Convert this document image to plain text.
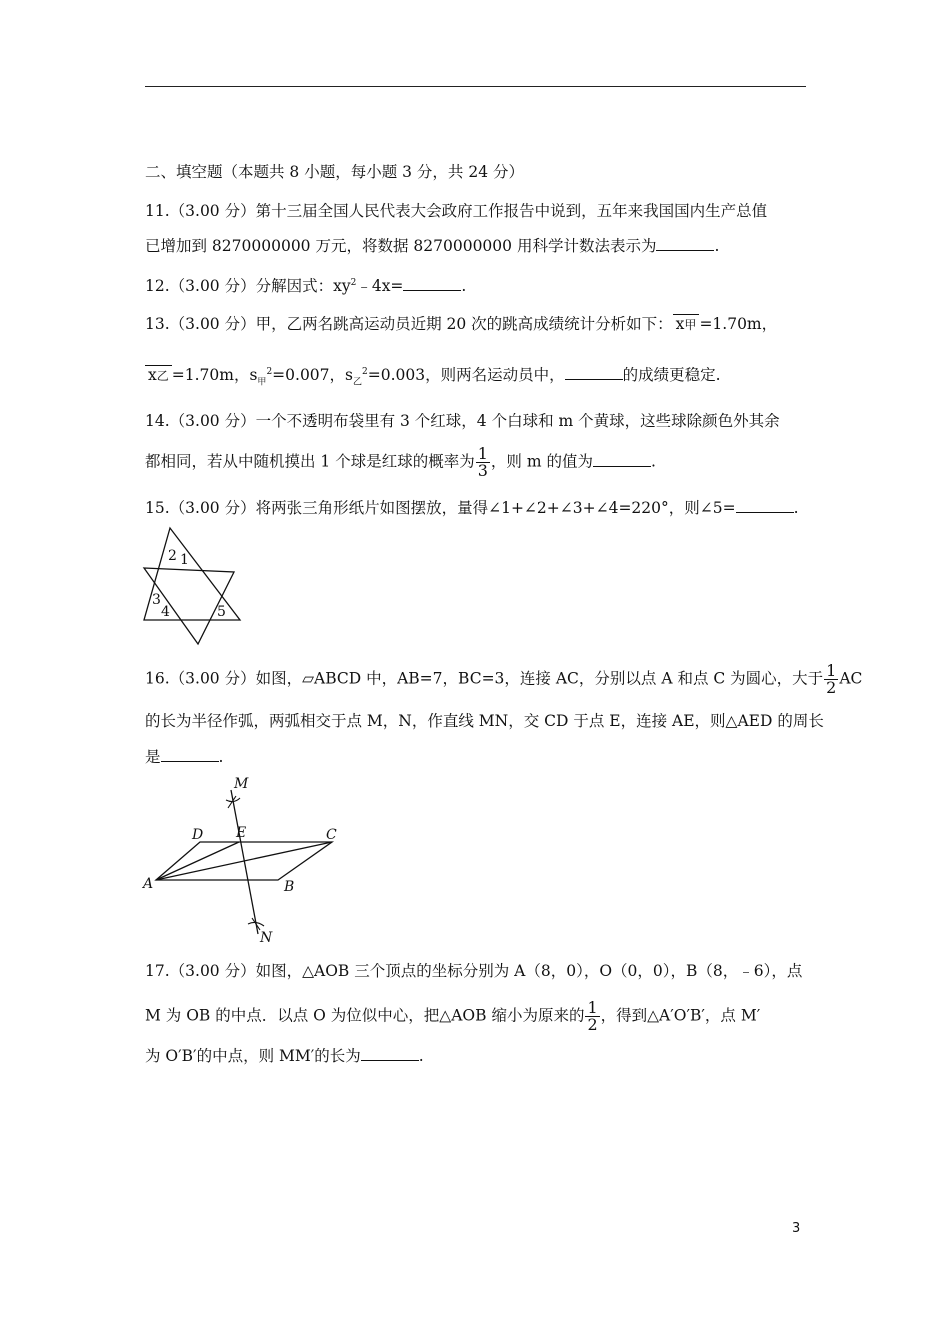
二、填空题（本题共 8 小题，每小题 3 分，共 24 分）
11.（3.00 分）第十三届全国人民代表大会政府工作报告中说到，五年来我国国内生产总值
已增加到 8270000000 万元，将数据 8270000000 用科学计数法表示为	.
12.（3.00 分）分解因式：$xy^2﹣4x=$	.
13.（3.00 分）甲，乙两名跳高运动员近期 20 次的跳高成绩统计分析如下： x甲 =1.70m，
x乙 =1.70m，$s_甲^2=0.007$，$s_乙^2=0.003$，则两名运动员中，	的成绩更稳定.
14.（3.00 分）一个不透明布袋里有 3 个红球，4 个白球和 m 个黄球，这些球除颜色外其余
都相同，若从中随机摸出 1 个球是红球的概率为 $\frac{1}{3}$ ，则 m 的值为	.
15.（3.00 分）将两张三角形纸片如图摆放，量得∠1+∠2+∠3+∠4=220°，则∠5=	.
2 1
3
4	5
16.（3.00 分）如图，▱ABCD 中，AB=7，BC=3，连接 AC，分别以点 A 和点 C 为圆心，大于 $\frac{1}{2}$ AC
的长为半径作弧，两弧相交于点 M，N，作直线 MN，交 CD 于点 E，连接 AE，则△AED 的周长
是	.
M
D E	C
A	B
N
17.（3.00 分）如图，△AOB 三个顶点的坐标分别为 A（8，0），O（0，0），B（8，﹣6），点
M 为 OB 的中点．以点 O 为位似中心，把△AOB 缩小为原来的 $\frac{1}{2}$ ，得到△A′O′B′，点 M′
为 O′B′的中点，则 MM′的长为	.
3
